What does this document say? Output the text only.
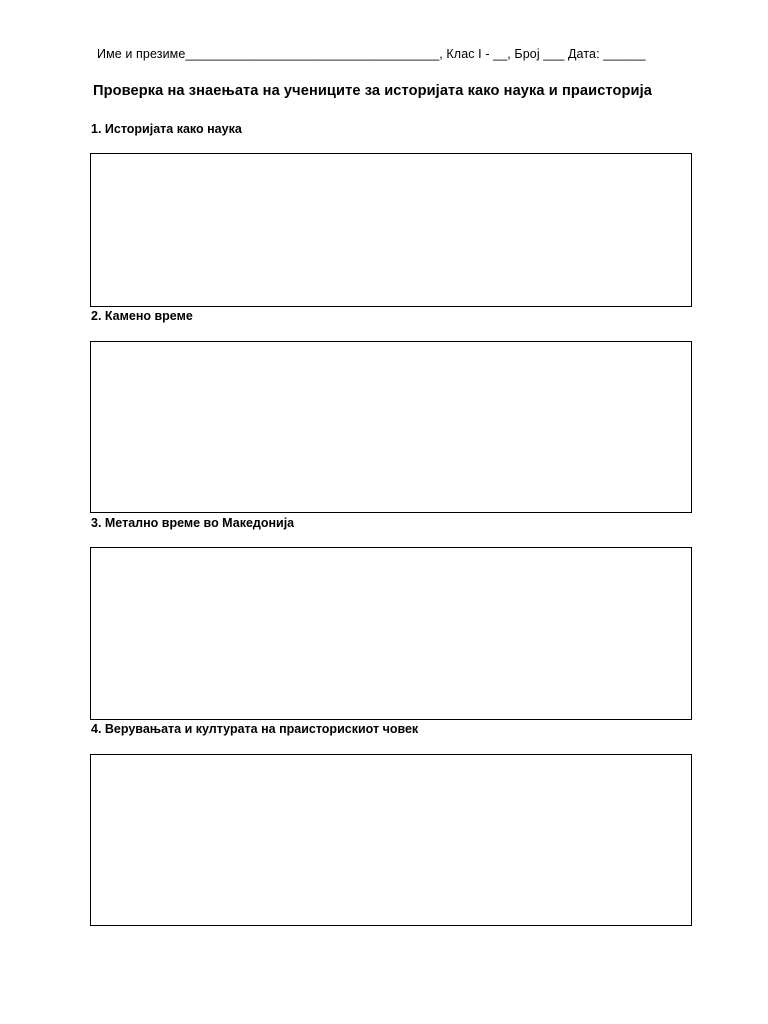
Име и презиме____________________________________, Клас I - __, Број ___ Дата: ______
Проверка на знаењата на учениците за историјата како наука и праисторија
1. Историјата како наука
2. Камено време
3. Метално време во Македонија
4. Верувањата и културата на праисторискиот човек
